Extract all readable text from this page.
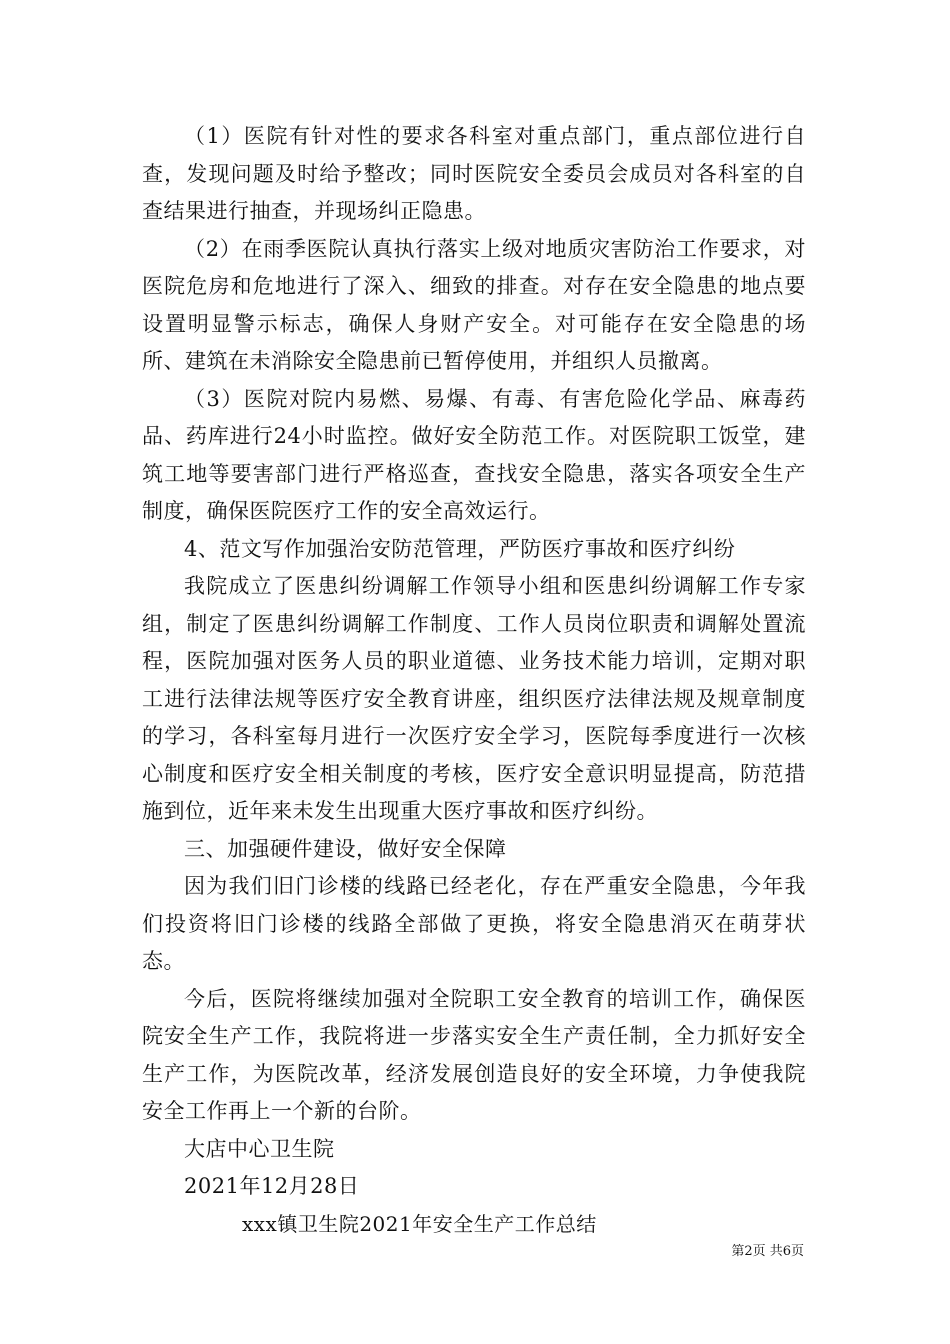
（1）医院有针对性的要求各科室对重点部门，重点部位进行自查，发现问题及时给予整改；同时医院安全委员会成员对各科室的自查结果进行抽查，并现场纠正隐患。

（2）在雨季医院认真执行落实上级对地质灾害防治工作要求，对医院危房和危地进行了深入、细致的排查。对存在安全隐患的地点要设置明显警示标志，确保人身财产安全。对可能存在安全隐患的场所、建筑在未消除安全隐患前已暂停使用，并组织人员撤离。

（3）医院对院内易燃、易爆、有毒、有害危险化学品、麻毒药品、药库进行24小时监控。做好安全防范工作。对医院职工饭堂，建筑工地等要害部门进行严格巡查，查找安全隐患，落实各项安全生产制度，确保医院医疗工作的安全高效运行。

4、范文写作加强治安防范管理，严防医疗事故和医疗纠纷

我院成立了医患纠纷调解工作领导小组和医患纠纷调解工作专家组，制定了医患纠纷调解工作制度、工作人员岗位职责和调解处置流程，医院加强对医务人员的职业道德、业务技术能力培训，定期对职工进行法律法规等医疗安全教育讲座，组织医疗法律法规及规章制度的学习，各科室每月进行一次医疗安全学习，医院每季度进行一次核心制度和医疗安全相关制度的考核，医疗安全意识明显提高，防范措施到位，近年来未发生出现重大医疗事故和医疗纠纷。

三、加强硬件建设，做好安全保障

因为我们旧门诊楼的线路已经老化，存在严重安全隐患，今年我们投资将旧门诊楼的线路全部做了更换，将安全隐患消灭在萌芽状态。

今后，医院将继续加强对全院职工安全教育的培训工作，确保医院安全生产工作，我院将进一步落实安全生产责任制，全力抓好安全生产工作，为医院改革，经济发展创造良好的安全环境，力争使我院安全工作再上一个新的台阶。

大店中心卫生院

2021年12月28日

xxx镇卫生院2021年安全生产工作总结

第2页 共6页
